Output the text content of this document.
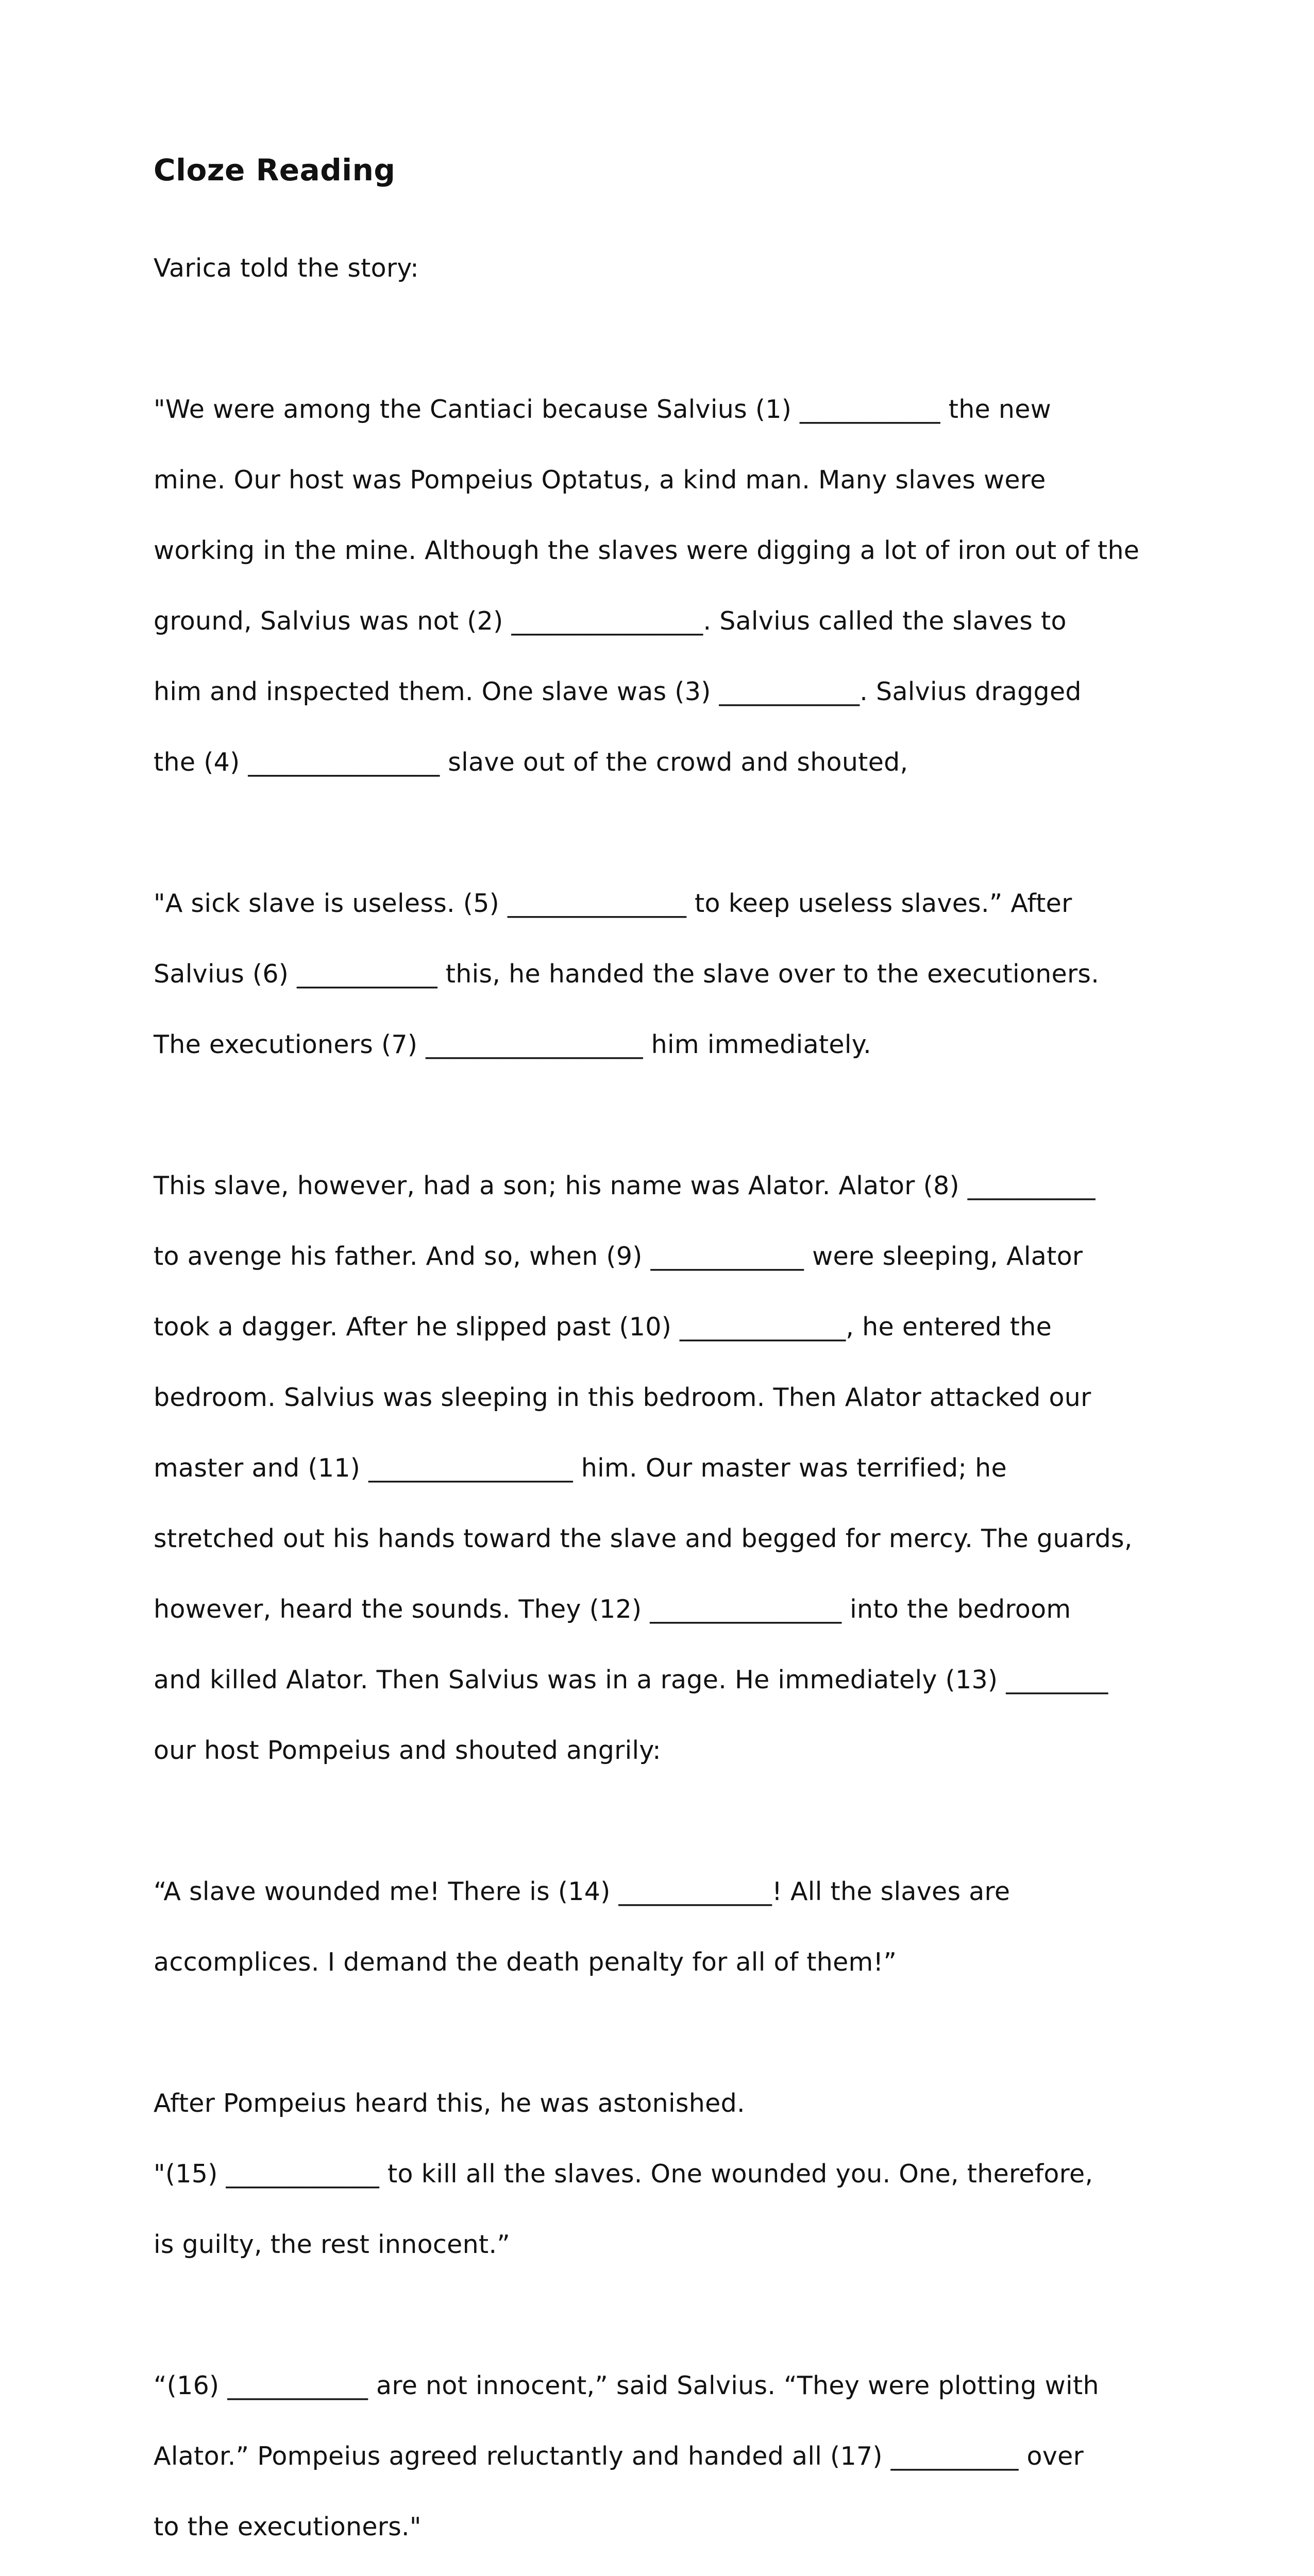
Cloze Reading

Varica told the story:

"We were among the Cantiaci because Salvius (1) ___________ the new

mine. Our host was Pompeius Optatus, a kind man. Many slaves were

working in the mine. Although the slaves were digging a lot of iron out of the

ground, Salvius was not (2) _______________. Salvius called the slaves to

him and inspected them. One slave was (3) ___________. Salvius dragged

the (4) _______________ slave out of the crowd and shouted,

"A sick slave is useless. (5) ______________ to keep useless slaves.” After

Salvius (6) ___________ this, he handed the slave over to the executioners.

The executioners (7) _________________ him immediately.

This slave, however, had a son; his name was Alator. Alator (8) __________

to avenge his father. And so, when (9) ____________ were sleeping, Alator

took a dagger. After he slipped past (10) _____________, he entered the

bedroom. Salvius was sleeping in this bedroom. Then Alator attacked our

master and (11) ________________ him. Our master was terrified; he

stretched out his hands toward the slave and begged for mercy. The guards,

however, heard the sounds. They (12) _______________ into the bedroom

and killed Alator. Then Salvius was in a rage. He immediately (13) ________

our host Pompeius and shouted angrily:

“A slave wounded me! There is (14) ____________! All the slaves are

accomplices. I demand the death penalty for all of them!”

After Pompeius heard this, he was astonished.

"(15) ____________ to kill all the slaves. One wounded you. One, therefore,

is guilty, the rest innocent.”

“(16) ___________ are not innocent,” said Salvius. “They were plotting with

Alator.” Pompeius agreed reluctantly and handed all (17) __________ over

to the executioners."
